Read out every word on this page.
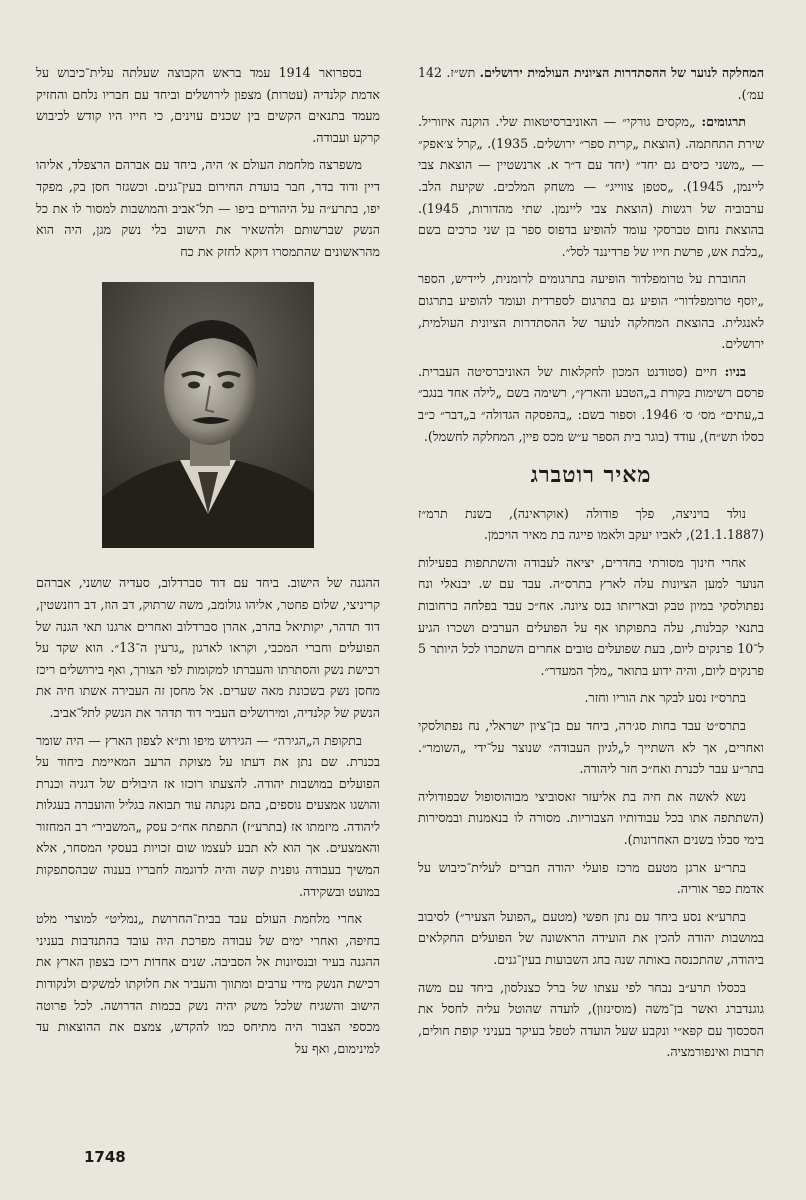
המחלקה לנוער של ההסתדרות הציונית העולמית ירושלים. תש״ז. 142 עמ׳).

תרגומים: „מקסים גורקי״ — האוניברסיטאות שלי. הוקנה איזוריל. שירת התחתמה. (הוצאת „קרית ספר״ ירושלים. 1935). „קרל צ׳אפק״ — „משני כיסים גם יחד״ (יחד עם ד״ר א. ארנשטיין — הוצאת צבי ליינמן, 1945). „סטפן צווייג״ — משחק המלכים. שקיעת הלב. ערבוביה של רגשות (הוצאת צבי ליינמן. שתי מהדורות, 1945). בהוצאת נחום טברסקי עומד להופיע בדפוס ספר בן שני כרכים בשם „בלבת אש, פרשת חייו של פרדיננד לסל״.

החוברת על טרומפלדור הופיעה בתרגומים לרומנית, ליידיש, הספר „יוסף טרומפלדור״ הופיע גם בתרגום לספרדית ועומד להופיע בתרגום לאנגלית. בהוצאת המחלקה לנוער של ההסתדרות הציונית העולמית, ירושלים.

בניו: חיים (סטודנט המכון לחקלאות של האוניברסיטה העברית. פרסם רשימות בקורת ב„הטבע והארץ״, רשימה בשם „לילה אחד בנגב״ ב„עתים״ מס׳ ס׳ 1946. וספור בשם: „בהפסקה הגדולה״ ב„דבר״ כ״ב כסלו תש״ח), עודד (בוגר בית הספר ע״ש מכס פיין, המחלקה לחשמל).

מאיר רוטברג

נולד בויניצה, פלך פודולה (אוקראינה), בשנת תרמ״ז (21.1.1887), לאביו יעקב ולאמו פייגה בת מאיר הויכמן.

אחרי חינוך מסורתי בחדרים, יציאה לעבודה והשתתפות בפעילות הנוער למען הציונות עלה לארץ בתרס״ה. עבד עם ש. יבנאלי ונח נפתולסקי במיון טבק ובאריזתו בנס ציונה. אח״כ עבד בפלחה ברחובות בתנאי קבלנות, עלה בתפוקתו אף על הפועלים הערבים ושכרו הגיע ל־10 פרנקים ליום, בעת שפועלים טובים אחרים השתכרו לכל היותר 5 פרנקים ליום, והיה ידוע בתואר „מלך המעדר״.

בתרס״ז נסע לבקר את הוריו וחזר.

בתרס״ט עבד בחות סג׳רה, ביחד עם בן־ציון ישראלי, נח נפתולסקי ואחרים, אך לא השתייך ל„לגיון העבודה״ שנוצר על־ידי „השומר״. בתר״ע עבר לכנרת ואח״כ חזר ליהודה.

נשא לאשה את חיה בת אליעזר זאסוביצי מבוהוסופול שבפודוליה (השתתפה אתו בכל עבודותיו הצבוריות. מסורה לו בנאמנות ובמסירות בימי סבלו בשנים האחרונות).

בתר״ע ארגן מטעם מרכז פועלי יהודה חברים לעלית־כיבוש על אדמת כפר אוריה.

בתרע״א נסע ביחד עם נתן חפשי (מטעם „הפועל הצעיר״) לסיבוב במושבות יהודה להכין את הועידה הראשונה של הפועלים החקלאים ביהודה, שהתכנסה באותה שנה בחג השבועות בעין־גנים.

בכסלו תרע״ב נבחר לפי עצתו של ברל כצנלסון, ביחד עם משה גוגנדברג ואשר בן־משה (מוסינזון), לועדה שהוטל עליה לחסל את הסכסוך עם קפא״י ונקבע שעל הועדה לטפל בעיקר בעניני קופת חולים, תרבות ואינפורמציה.

בספרואר 1914 עמד בראש הקבוצה שעלתה עלית־כיבוש על אדמת קלנדיה (עטרות) מצפון לירושלים וביחד עם חבריו נלחם והחזיק מעמד בתנאים הקשים בין שכנים עוינים, כי חייו היו קודש לכיבוש קרקע ועבודה.

משפרצה מלחמת העולם א׳ היה, ביחד עם אברהם הרצפלד, אליהו דיין ודוד בדר, חבר בועדת החירום בעין־גנים. וכשגזר חסן בק, מפקד יפו, בתרע״ה על היהודים ביפו — תל־אביב והמושבות למסור לו את כל הנשק שברשותם ולהשאיר את הישוב בלי נשק מגן, היה הוא מהראשונים שהתמסרו דוקא לחזק את כח

ההגנה של הישוב. ביחד עם דוד סברדלוב, סעדיה שושני, אברהם קריניצי, שלום פחטר, אליהו גולומב, משה שרתוק, דב הוז, דב רוזנשטין, דוד תדהר, יקותיאל בהרב, אהרן סברדלוב ואחרים ארגנו תאי הגנה של הפועלים וחברי המכבי, וקראו לארגון „גרעין ה־13״. הוא שקד על רכישת נשק והסתרתו והעברתו למקומות לפי הצורך, ואף בירושלים ריכז מחסן נשק בשכונת מאה שערים. אל מחסן זה העבירה אשתו חיה את הנשק של קלנדיה, ומירושלים העביר דוד תדהר את הנשק לתל־אביב.

בתקופת ה„הגירה״ — הגירוש מיפו ות״א לצפון הארץ — היה שומר בכנרת. שם נתן את דעתו על מצוקת הרעב המאיימת ביחוד על הפועלים במושבות יהודה. להצעתו רוכזו אז היבולים של דגניה וכנרת והושגו אמצעים נוספים, בהם נקנתה עוד תבואה בגליל והועברה בעגלות ליהודה. מיזמתו אז (בתרע״ז) התפתח אח״כ עסק „המשביר״ רב המחזור והאמצעים. אך הוא לא תבע לעצמו שום זכויות בעסקי המסחר, אלא המשיך בעבודה גופנית קשה והיה לדוגמה לחבריו בענוה שבהסתפקות במועט ובשקידה.

אחרי מלחמת העולם עבד בבית־החרושת „נמליט״ למוצרי מלט בחיפה, ואחרי ימים של עבודה מפרכת היה עובד בהתנדבות בעניני ההגנה בעיר ובנסיונות אל הסביבה. שנים אחדות ריכז בצפון הארץ את רכישת הנשק מידי ערבים ומתווך והעביר את חלוקתו למשקים ולנקודות הישוב והשגיח שלכל משק יהיה נשק בכמות הדרושה. לכל פרוטה מכספי הצבור היה מתיחס כמו להקדש, צמצם את ההוצאות עד למינימום, ואף על

1748
